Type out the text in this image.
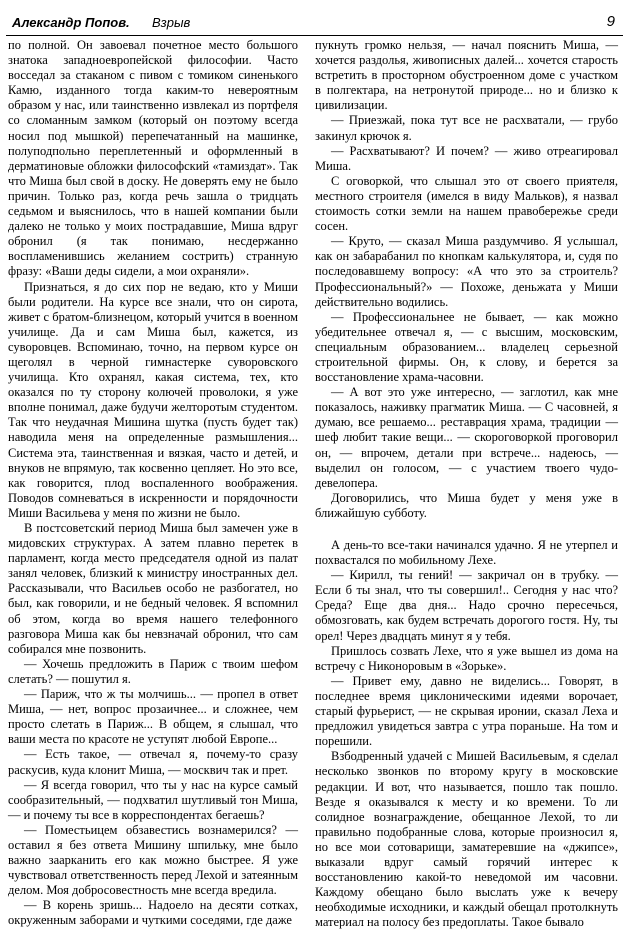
Александр Попов. Взрыв	9

по полной. Он завоевал почетное место большого знатока западноевропейской философии. Часто восседал за стаканом с пивом с томиком синенького Камю, изданного тогда каким-то невероятным образом у нас, или таинственно извлекал из портфеля со сломанным замком (который он поэтому всегда носил под мышкой) перепечатанный на машинке, полуподпольно переплетенный и оформленный в дерматиновые обложки философский «тамиздат». Так что Миша был свой в доску. Не доверять ему не было причин. Только раз, когда речь зашла о тридцать седьмом и выяснилось, что в нашей компании были далеко не только у моих пострадавшие, Миша вдруг обронил (я так понимаю, несдержанно воспламенившись желанием сострить) странную фразу: «Ваши деды сидели, а мои охраняли».

Признаться, я до сих пор не ведаю, кто у Миши были родители. На курсе все знали, что он сирота, живет с братом-близнецом, который учится в военном училище. Да и сам Миша был, кажется, из суворовцев. Вспоминаю, точно, на первом курсе он щеголял в черной гимнастерке суворовского училища. Кто охранял, какая система, тех, кто оказался по ту сторону колючей проволоки, я уже вполне понимал, даже будучи желторотым студентом. Так что неудачная Мишина шутка (пусть будет так) наводила меня на определенные размышления... Система эта, таинственная и вязкая, часто и детей, и внуков не впрямую, так косвенно цепляет. Но это все, как говорится, плод воспаленного воображения. Поводов сомневаться в искренности и порядочности Миши Васильева у меня по жизни не было.

В постсоветский период Миша был замечен уже в мидовских структурах. А затем плавно перетек в парламент, когда место председателя одной из палат занял человек, близкий к министру иностранных дел. Рассказывали, что Васильев особо не разбогател, но был, как говорили, и не бедный человек. Я вспомнил об этом, когда во время нашего телефонного разговора Миша как бы невзначай обронил, что сам собирался мне позвонить.

— Хочешь предложить в Париж с твоим шефом слетать? — пошутил я.

— Париж, что ж ты молчишь... — пропел в ответ Миша, — нет, вопрос прозаичнее... и сложнее, чем просто слетать в Париж... В общем, я слышал, что ваши места по красоте не уступят любой Европе...

— Есть такое, — отвечал я, почему-то сразу раскусив, куда клонит Миша, — москвич так и прет.

— Я всегда говорил, что ты у нас на курсе самый сообразительный, — подхватил шутливый тон Миша, — и почему ты все в корреспондентах бегаешь?

— Поместьицем обзавестись вознамерился? — оставил я без ответа Мишину шпильку, мне было важно заарканить его как можно быстрее. Я уже чувствовал ответственность перед Лехой и затеянным делом. Моя добросовестность мне всегда вредила.

— В корень зришь... Надоело на десяти сотках, окруженным заборами и чуткими соседями, где даже

пукнуть громко нельзя, — начал пояснить Миша, — хочется раздолья, живописных далей... хочется старость встретить в просторном обустроенном доме с участком в полгектара, на нетронутой природе... но и близко к цивилизации.

— Приезжай, пока тут все не расхватали, — грубо закинул крючок я.

— Расхватывают? И почем? — живо отреагировал Миша.

С оговоркой, что слышал это от своего приятеля, местного строителя (имелся в виду Мальков), я назвал стоимость сотки земли на нашем правобережье среди сосен.

— Круто, — сказал Миша раздумчиво. Я услышал, как он забарабанил по кнопкам калькулятора, и, судя по последовавшему вопросу: «А что это за строитель? Профессиональный?» — Похоже, деньжата у Миши действительно водились.

— Профессиональнее не бывает, — как можно убедительнее отвечал я, — с высшим, московским, специальным образованием... владелец серьезной строительной фирмы. Он, к слову, и берется за восстановление храма-часовни.

— А вот это уже интересно, — заглотил, как мне показалось, наживку прагматик Миша. — С часовней, я думаю, все решаемо... реставрация храма, традиции — шеф любит такие вещи... — скороговоркой проговорил он, — впрочем, детали при встрече... надеюсь, — выделил он голосом, — с участием твоего чудо-девелопера.

Договорились, что Миша будет у меня уже в ближайшую субботу.

А день-то все-таки начинался удачно. Я не утерпел и похвастался по мобильному Лехе.

— Кирилл, ты гений! — закричал он в трубку. — Если б ты знал, что ты совершил!.. Сегодня у нас что? Среда? Еще два дня... Надо срочно пересечься, обмозговать, как будем встречать дорогого гостя. Ну, ты орел! Через двадцать минут я у тебя.

Пришлось созвать Лехе, что я уже вышел из дома на встречу с Никоноровым в «Зорьке».

— Привет ему, давно не виделись... Говорят, в последнее время циклоническими идеями ворочает, старый фурьерист, — не скрывая иронии, сказал Леха и предложил увидеться завтра с утра пораньше. На том и порешили.

Взбодренный удачей с Мишей Васильевым, я сделал несколько звонков по второму кругу в московские редакции. И вот, что называется, пошло так пошло. Везде я оказывался к месту и ко времени. То ли солидное вознаграждение, обещанное Лехой, то ли правильно подобранные слова, которые произносил я, но все мои сотоварищи, заматеревшие на «джипсе», выказали вдруг самый горячий интерес к восстановлению какой-то неведомой им часовни. Каждому обещано было выслать уже к вечеру необходимые исходники, и каждый обещал протолкнуть материал на полосу без предоплаты. Такое бывало
